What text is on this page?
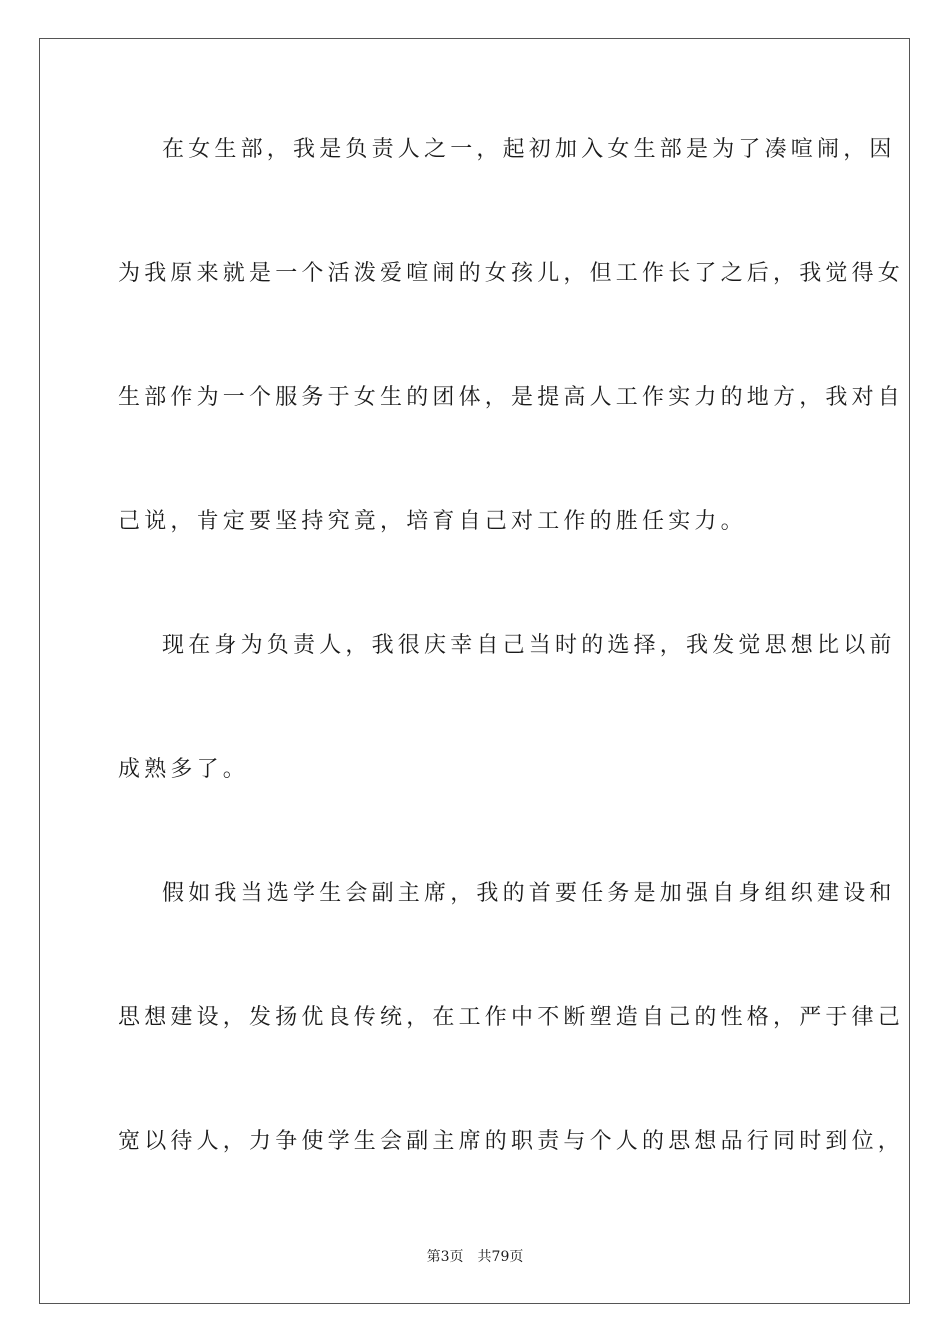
在女生部，我是负责人之一，起初加入女生部是为了凑喧闹，因
为我原来就是一个活泼爱喧闹的女孩儿，但工作长了之后，我觉得女
生部作为一个服务于女生的团体，是提高人工作实力的地方，我对自
己说，肯定要坚持究竟，培育自己对工作的胜任实力。
现在身为负责人，我很庆幸自己当时的选择，我发觉思想比以前
成熟多了。
假如我当选学生会副主席，我的首要任务是加强自身组织建设和
思想建设，发扬优良传统，在工作中不断塑造自己的性格，严于律己
宽以待人，力争使学生会副主席的职责与个人的思想品行同时到位，
第3页 共79页
